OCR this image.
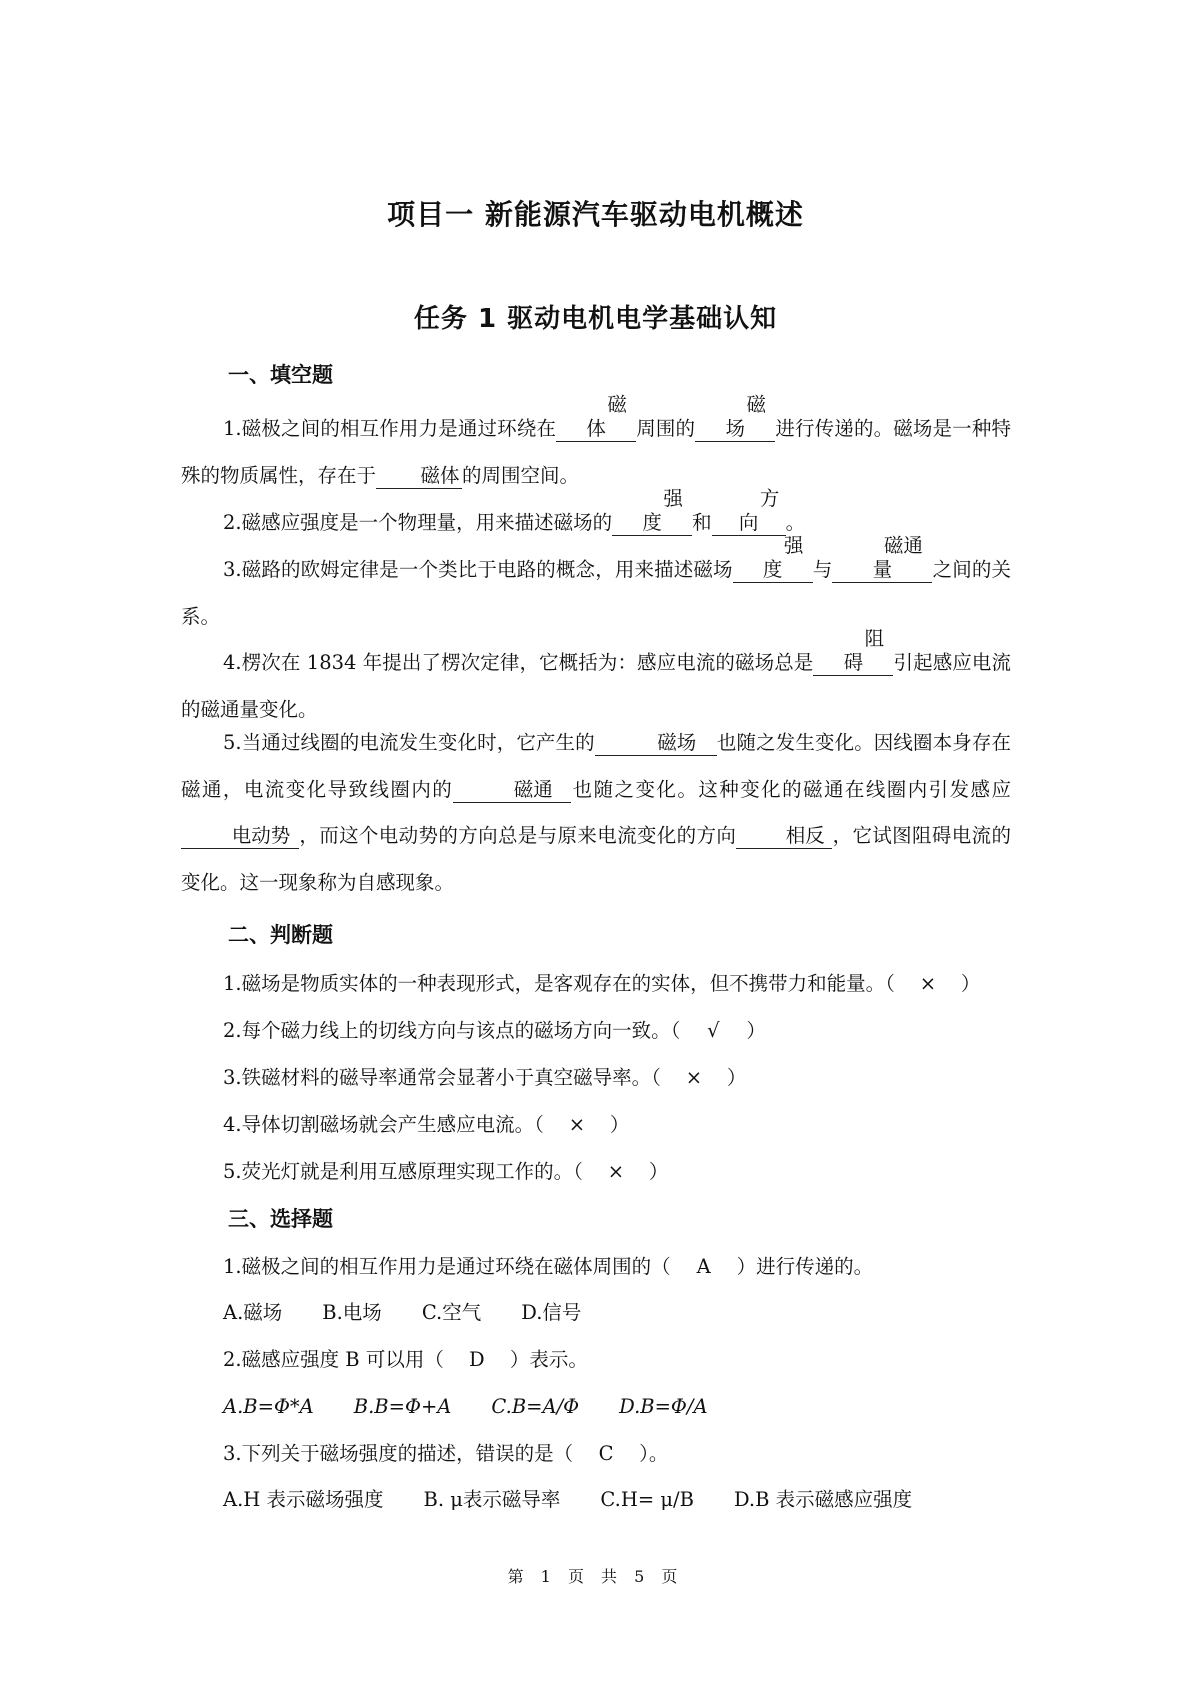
项目一 新能源汽车驱动电机概述
任务 1 驱动电机电学基础认知
一、填空题

1.磁极之间的相互作用力是通过环绕在磁体 周围的磁场 进行传递的。磁场是一种特殊的物质属性，存在于 磁体 的周围空间。

2.磁感应强度是一个物理量，用来描述磁场的强度 和方向 。

3.磁路的欧姆定律是一个类比于电路的概念，用来描述磁场强度 与磁通量 之间的关系。

4.楞次在 1834 年提出了楞次定律，它概括为：感应电流的磁场总是阻碍 引起感应电流的磁通量变化。

5.当通过线圈的电流发生变化时，它产生的	磁场 也随之发生变化。因线圈本身存在磁通，电流变化导致线圈内的	磁通 也随之变化。这种变化的磁通在线圈内引发感应电动势 ，而这个电动势的方向总是与原来电流变化的方向	相反 ，它试图阻碍电流的变化。这一现象称为自感现象。

二、判断题
1.磁场是物质实体的一种表现形式，是客观存在的实体，但不携带力和能量。（ × ）
2.每个磁力线上的切线方向与该点的磁场方向一致。（ √ ）
3.铁磁材料的磁导率通常会显著小于真空磁导率。（ × ）
4.导体切割磁场就会产生感应电流。（ × ）
5.荧光灯就是利用互感原理实现工作的。（ × ）
三、选择题
1.磁极之间的相互作用力是通过环绕在磁体周围的（ A ）进行传递的。
A.磁场 B.电场 C.空气 D.信号
2.磁感应强度 B 可以用（ D ）表示。
A.B=Φ*A B.B=Φ+A C.B=A/Φ D.B=Φ/A
3.下列关于磁场强度的描述，错误的是（ C ）。
A.H 表示磁场强度 B. μ表示磁导率 C.H= μ/B D.B 表示磁感应强度
第 1 页 共 5 页
